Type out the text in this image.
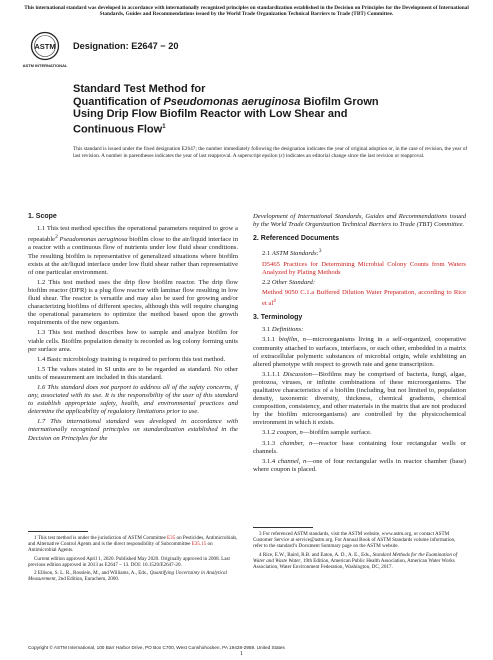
This international standard was developed in accordance with internationally recognized principles on standardization established in the Decision on Principles for the Development of International Standards, Guides and Recommendations issued by the World Trade Organization Technical Barriers to Trade (TBT) Committee.
ASTM
ASTM INTERNATIONAL
Designation: E2647 − 20
Standard Test Method for
Quantification of Pseudomonas aeruginosa Biofilm Grown
Using Drip Flow Biofilm Reactor with Low Shear and
Continuous Flow$^1$
This standard is issued under the fixed designation E2647; the number immediately following the designation indicates the year of original adoption or, in the case of revision, the year of last revision. A number in parentheses indicates the year of last reapproval. A superscript epsilon (ε) indicates an editorial change since the last revision or reapproval.
1. Scope

1.1 This test method specifies the operational parameters required to grow a repeatable$^2$ Pseudomonas aeruginosa biofilm close to the air/liquid interface in a reactor with a continuous flow of nutrients under low fluid shear conditions. The resulting biofilm is representative of generalized situations where biofilm exists at the air/liquid interface under low fluid shear rather than representative of one particular environment.

1.2 This test method uses the drip flow biofilm reactor. The drip flow biofilm reactor (DFR) is a plug flow reactor with laminar flow resulting in low fluid shear. The reactor is versatile and may also be used for growing and/or characterizing biofilms of different species, although this will require changing the operational parameters to optimize the method based upon the growth requirements of the new organism.

1.3 This test method describes how to sample and analyze biofilm for viable cells. Biofilm population density is recorded as log colony forming units per surface area.

1.4 Basic microbiology training is required to perform this test method.

1.5 The values stated in SI units are to be regarded as standard. No other units of measurement are included in this standard.

1.6 This standard does not purport to address all of the safety concerns, if any, associated with its use. It is the responsibility of the user of this standard to establish appropriate safety, health, and environmental practices and determine the applicability of regulatory limitations prior to use.

1.7 This international standard was developed in accordance with internationally recognized principles on standardization established in the Decision on Principles for the

1 This test method is under the jurisdiction of ASTM Committee E35 on Pesticides, Antimicrobials, and Alternative Control Agents and is the direct responsibility of Subcommittee E35.15 on Antimicrobial Agents.

Current edition approved April 1, 2020. Published May 2020. Originally approved in 2008. Last previous edition approved in 2013 as E2647 – 13. DOI: 10.1520/E2647-20.

2 Ellison, S. L. R., Rosslein, M., and Williams, A., Eds., Quantifying Uncertainty in Analytical Measurement, 2nd Edition, Eurachem, 2000.

Development of International Standards, Guides and Recommendations issued by the World Trade Organization Technical Barriers to Trade (TBT) Committee.

2. Referenced Documents

2.1 ASTM Standards:$^3$

D5465 Practices for Determining Microbial Colony Counts from Waters Analyzed by Plating Methods

2.2 Other Standard:

Method 9050 C.1.a Buffered Dilution Water Preparation, according to Rice et al$^4$

3. Terminology

3.1 Definitions:

3.1.1 biofilm, n—microorganisms living in a self-organized, cooperative community attached to surfaces, interfaces, or each other, embedded in a matrix of extracellular polymeric substances of microbial origin, while exhibiting an altered phenotype with respect to growth rate and gene transcription.

3.1.1.1 Discussion—Biofilms may be comprised of bacteria, fungi, algae, protozoa, viruses, or infinite combinations of these microorganisms. The qualitative characteristics of a biofilm (including, but not limited to, population density, taxonomic diversity, thickness, chemical gradients, chemical composition, consistency, and other materials in the matrix that are not produced by the biofilm microorganisms) are controlled by the physicochemical environment in which it exists.

3.1.2 coupon, n—biofilm sample surface.

3.1.3 chamber, n—reactor base containing four rectangular wells or channels.

3.1.4 channel, n—one of four rectangular wells in reactor chamber (base) where coupon is placed.

3 For referenced ASTM standards, visit the ASTM website, www.astm.org, or contact ASTM Customer Service at service@astm.org. For Annual Book of ASTM Standards volume information, refer to the standard’s Document Summary page on the ASTM website.

4 Rice, E.W., Baird, R.B. and Eaton, A. D., A. E., Eds., Standard Methods for the Examination of Water and Waste Water, 19th Edition, American Public Health Association, American Water Works Association, Water Environment Federation, Washington, DC, 2017.

Copyright © ASTM International, 100 Barr Harbor Drive, PO Box C700, West Conshohocken, PA 19428-2959. United States
1
